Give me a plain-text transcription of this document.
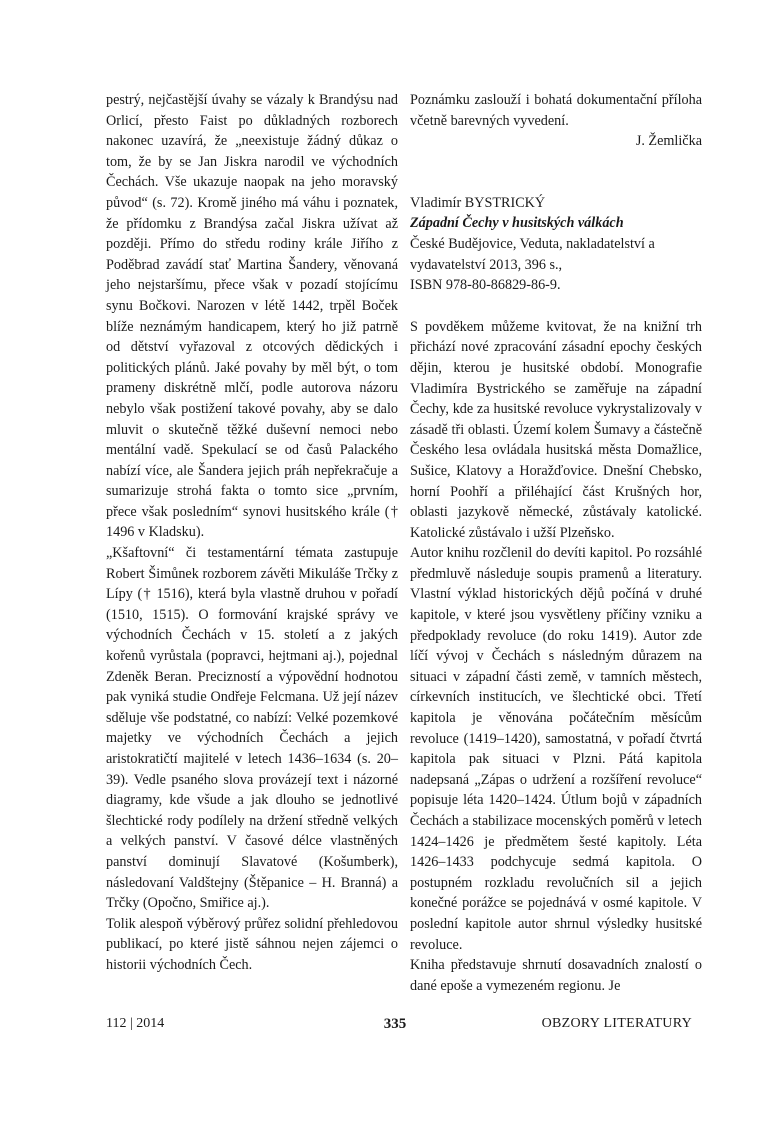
pestrý, nejčastější úvahy se vázaly k Brandýsu nad Orlicí, přesto Faist po důkladných rozborech nakonec uzavírá, že „neexistuje žádný důkaz o tom, že by se Jan Jiskra narodil ve východních Čechách. Vše ukazuje naopak na jeho moravský původ“ (s. 72). Kromě jiného má váhu i poznatek, že přídomku z Brandýsa začal Jiskra užívat až později. Přímo do středu rodiny krále Jiřího z Poděbrad zavádí stať Martina Šandery, věnovaná jeho nejstaršímu, přece však v pozadí stojícímu synu Bočkovi. Narozen v létě 1442, trpěl Boček blíže neznámým handicapem, který ho již patrně od dětství vyřazoval z otcových dědických i politických plánů. Jaké povahy by měl být, o tom prameny diskrétně mlčí, podle autorova názoru nebylo však postižení takové povahy, aby se dalo mluvit o skutečně těžké duševní nemoci nebo mentální vadě. Spekulací se od časů Palackého nabízí více, ale Šandera jejich práh nepřekračuje a sumarizuje strohá fakta o tomto sice „prvním, přece však posledním“ synovi husitského krále († 1496 v Kladsku).

„Kšaftovní“ či testamentární témata zastupuje Robert Šimůnek rozborem závěti Mikuláše Trčky z Lípy († 1516), která byla vlastně druhou v pořadí (1510, 1515). O formování krajské správy ve východních Čechách v 15. století a z jakých kořenů vyrůstala (popravci, hejtmani aj.), pojednal Zdeněk Beran. Precizností a výpovědní hodnotou pak vyniká studie Ondřeje Felcmana. Už její název sděluje vše podstatné, co nabízí: Velké pozemkové majetky ve východních Čechách a jejich aristokratičtí majitelé v letech 1436–1634 (s. 20–39). Vedle psaného slova provázejí text i názorné diagramy, kde všude a jak dlouho se jednotlivé šlechtické rody podílely na držení středně velkých a velkých panství. V časové délce vlastněných panství dominují Slavatové (Košumberk), následovaní Valdštejny (Štěpanice – H. Branná) a Trčky (Opočno, Smiřice aj.).

Tolik alespoň výběrový průřez solidní přehledovou publikací, po které jistě sáhnou nejen zájemci o historii východních Čech.

Poznámku zaslouží i bohatá dokumentační příloha včetně barevných vyvedení.

J. Žemlička

Vladimír BYSTRICKÝ

Západní Čechy v husitských válkách

České Budějovice, Veduta, nakladatelství a vydavatelství 2013, 396 s.,

ISBN 978-80-86829-86-9.

S povděkem můžeme kvitovat, že na knižní trh přichází nové zpracování zásadní epochy českých dějin, kterou je husitské období. Monografie Vladimíra Bystrického se zaměřuje na západní Čechy, kde za husitské revoluce vykrystalizovaly v zásadě tři oblasti. Území kolem Šumavy a částečně Českého lesa ovládala husitská města Domažlice, Sušice, Klatovy a Horažďovice. Dnešní Chebsko, horní Poohří a přiléhající část Krušných hor, oblasti jazykově německé, zůstávaly katolické. Katolické zůstávalo i užší Plzeňsko.

Autor knihu rozčlenil do devíti kapitol. Po rozsáhlé předmluvě následuje soupis pramenů a literatury. Vlastní výklad historických dějů počíná v druhé kapitole, v které jsou vysvětleny příčiny vzniku a předpoklady revoluce (do roku 1419). Autor zde líčí vývoj v Čechách s následným důrazem na situaci v západní části země, v tamních městech, církevních institucích, ve šlechtické obci. Třetí kapitola je věnována počátečním měsícům revoluce (1419–1420), samostatná, v pořadí čtvrtá kapitola pak situaci v Plzni. Pátá kapitola nadepsaná „Zápas o udržení a rozšíření revoluce“ popisuje léta 1420–1424. Útlum bojů v západních Čechách a stabilizace mocenských poměrů v letech 1424–1426 je předmětem šesté kapitoly. Léta 1426–1433 podchycuje sedmá kapitola. O postupném rozkladu revolučních sil a jejich konečné porážce se pojednává v osmé kapitole. V poslední kapitole autor shrnul výsledky husitské revoluce.

Kniha představuje shrnutí dosavadních znalostí o dané epoše a vymezeném regionu. Je

112 | 2014	335	OBZORY LITERATURY
